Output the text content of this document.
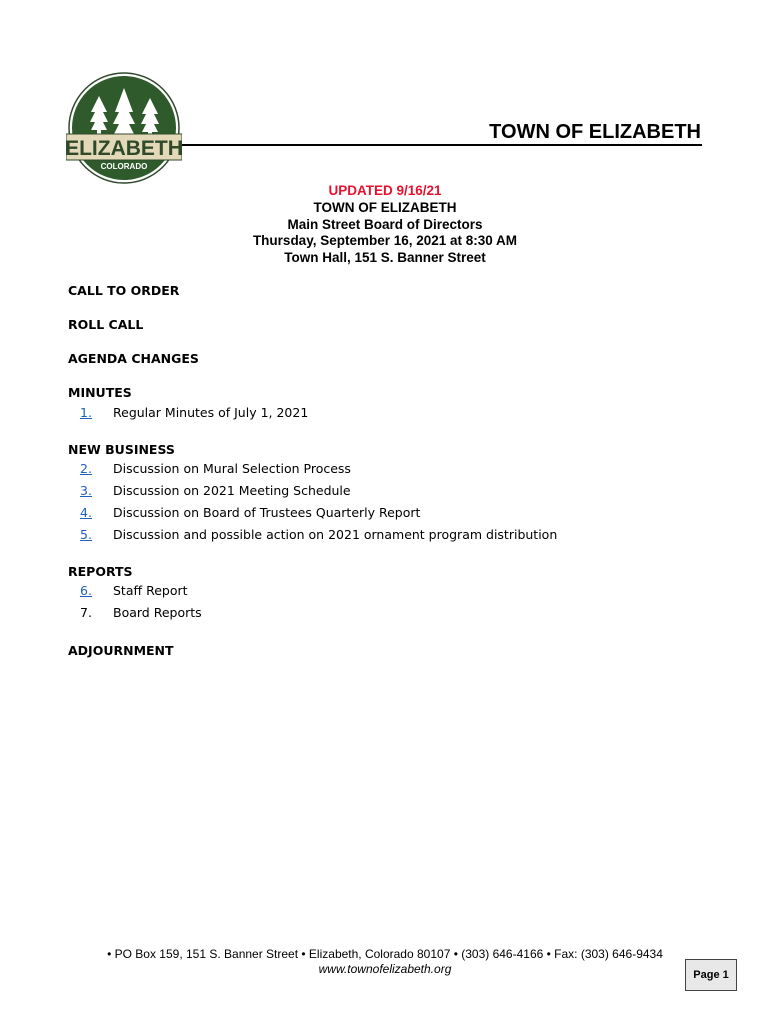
ELIZABETH
COLORADO
TOWN OF ELIZABETH
UPDATED 9/16/21
TOWN OF ELIZABETH
Main Street Board of Directors
Thursday, September 16, 2021 at 8:30 AM
Town Hall, 151 S. Banner Street
CALL TO ORDER
ROLL CALL
AGENDA CHANGES
MINUTES
1. Regular Minutes of July 1, 2021
NEW BUSINESS
2. Discussion on Mural Selection Process
3. Discussion on 2021 Meeting Schedule
4. Discussion on Board of Trustees Quarterly Report
5. Discussion and possible action on 2021 ornament program distribution
REPORTS
6. Staff Report
7. Board Reports
ADJOURNMENT
• PO Box 159, 151 S. Banner Street • Elizabeth, Colorado 80107 • (303) 646-4166 • Fax: (303) 646-9434
www.townofelizabeth.org	Page 1
